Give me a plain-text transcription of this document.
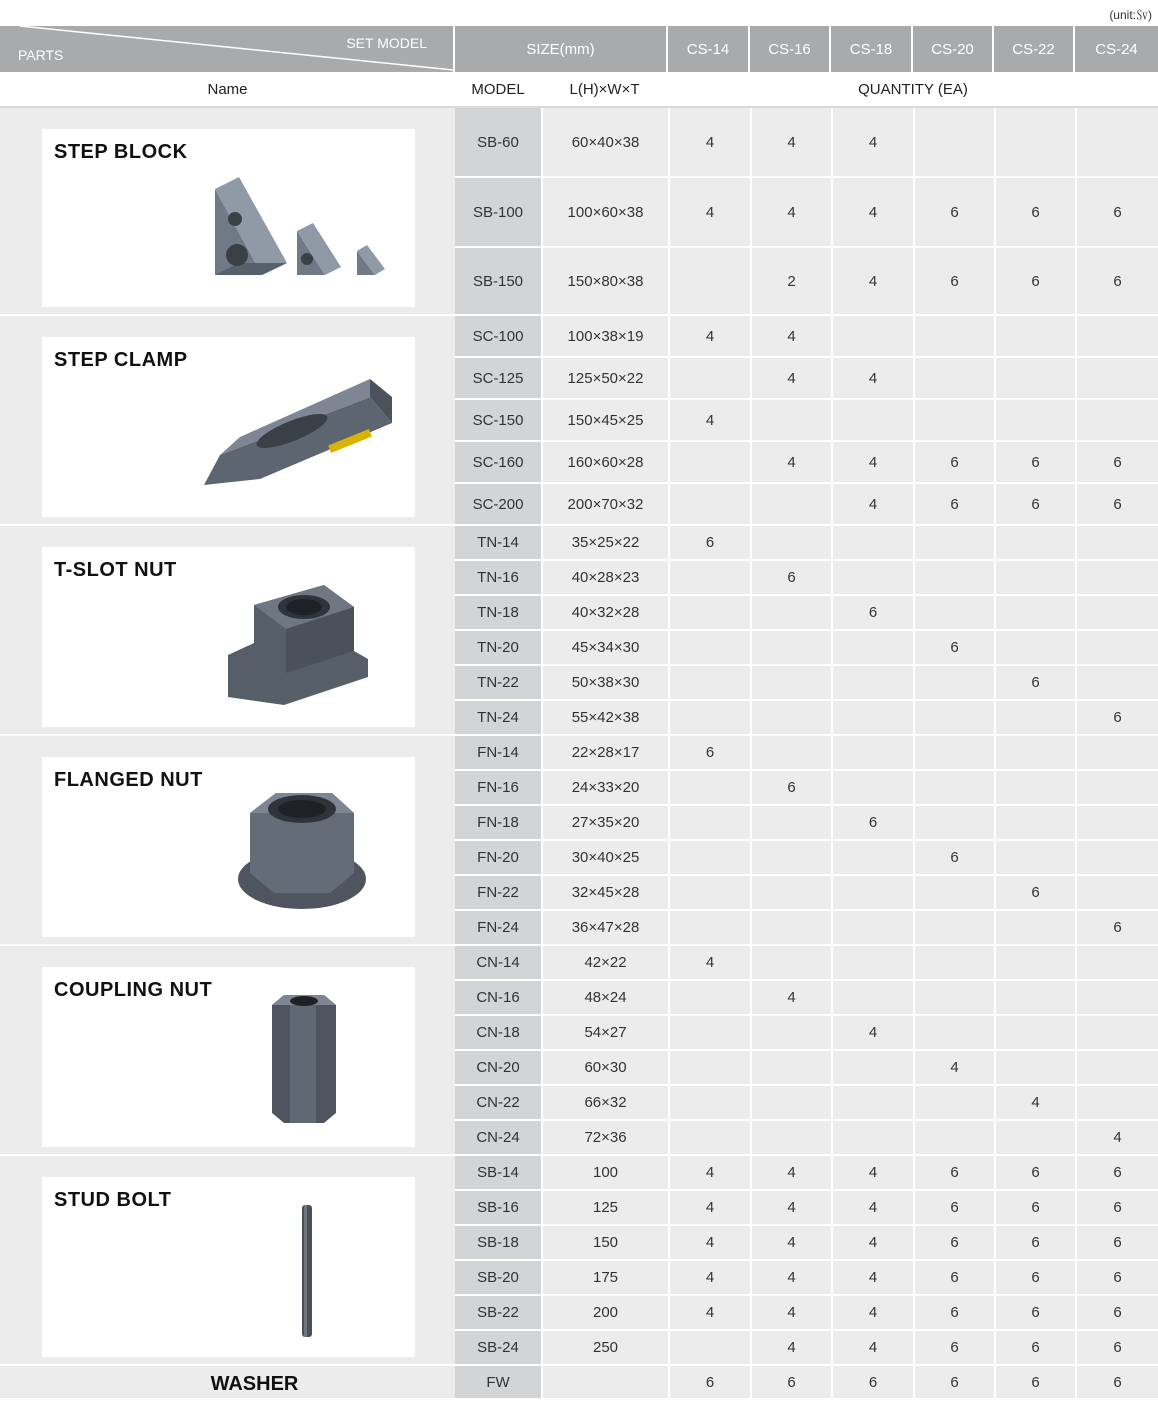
(unit:㏜)
SET MODEL
PARTS	SIZE(mm)		CS-14	CS-16	CS-18	CS-20	CS-22	CS-24
Name	MODEL	L(H)×W×T	QUANTITY (EA)					

STEP BLOCK	SB-60	60×40×38	4	4	4			
	SB-100	100×60×38	4	4	4	6	6	6
	SB-150	150×80×38		2	4	6	6	6

STEP CLAMP	SC-100	100×38×19	4	4				
	SC-125	125×50×22		4	4			
	SC-150	150×45×25	4					
	SC-160	160×60×28		4	4	6	6	6
	SC-200	200×70×32			4	6	6	6

T-SLOT NUT	TN-14	35×25×22	6					
	TN-16	40×28×23		6				
	TN-18	40×32×28			6			
	TN-20	45×34×30				6		
	TN-22	50×38×30					6	
	TN-24	55×42×38						6

FLANGED NUT	FN-14	22×28×17	6					
	FN-16	24×33×20		6				
	FN-18	27×35×20			6			
	FN-20	30×40×25				6		
	FN-22	32×45×28					6	
	FN-24	36×47×28						6

COUPLING NUT	CN-14	42×22	4					
	CN-16	48×24		4				
	CN-18	54×27			4			
	CN-20	60×30				4		
	CN-22	66×32					4	
	CN-24	72×36						4

STUD BOLT	SB-14	100	4	4	4	6	6	6
	SB-16	125	4	4	4	6	6	6
	SB-18	150	4	4	4	6	6	6
	SB-20	175	4	4	4	6	6	6
	SB-22	200	4	4	4	6	6	6
	SB-24	250		4	4	6	6	6

WASHER	FW		6	6	6	6	6	6
